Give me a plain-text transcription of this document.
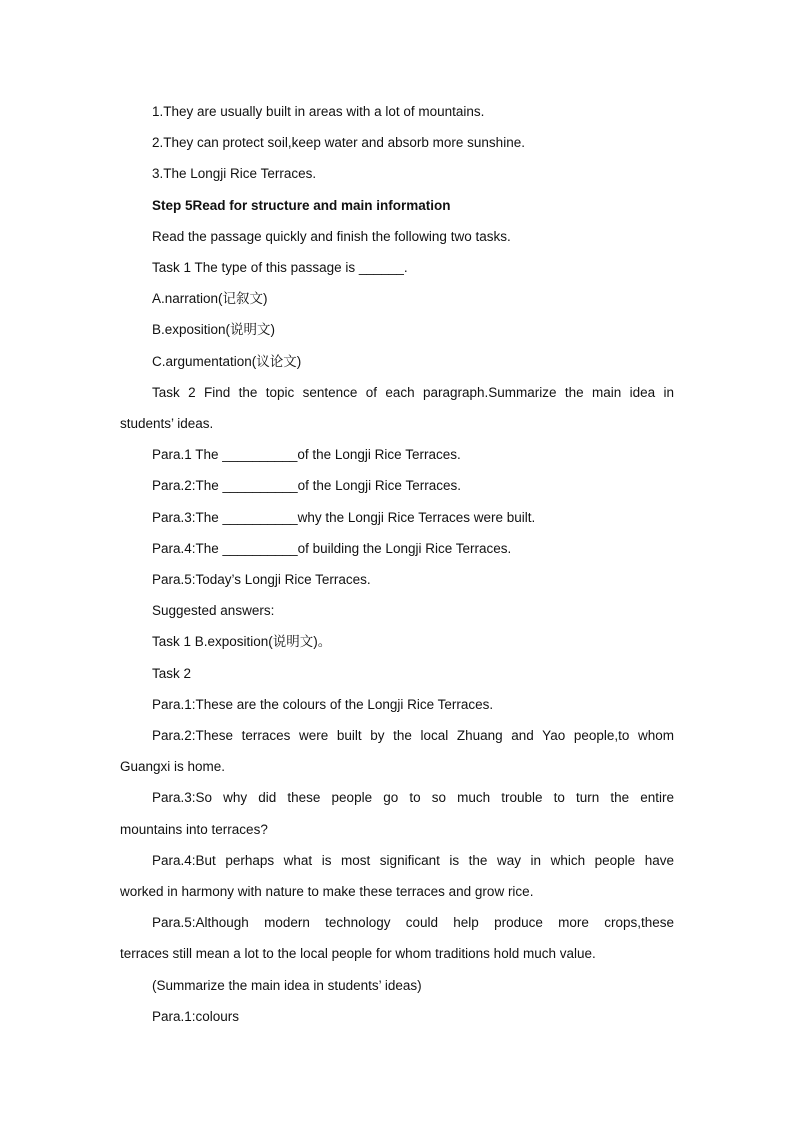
1.They are usually built in areas with a lot of mountains.

2.They can protect soil,keep water and absorb more sunshine.

3.The Longji Rice Terraces.

Step 5Read for structure and main information

Read the passage quickly and finish the following two tasks.

Task 1 The type of this passage is ______.

A.narration(记叙文)

B.exposition(说明文)

C.argumentation(议论文)

Task 2 Find the topic sentence of each paragraph.Summarize the main idea in

students’ ideas.

Para.1 The __________of the Longji Rice Terraces.

Para.2:The __________of the Longji Rice Terraces.

Para.3:The __________why the Longji Rice Terraces were built.

Para.4:The __________of building the Longji Rice Terraces.

Para.5:Today’s Longji Rice Terraces.

Suggested answers:

Task 1 B.exposition(说明文)。

Task 2

Para.1:These are the colours of the Longji Rice Terraces.

Para.2:These terraces were built by the local Zhuang and Yao people,to whom

Guangxi is home.

Para.3:So why did these people go to so much trouble to turn the entire

mountains into terraces?

Para.4:But perhaps what is most significant is the way in which people have

worked in harmony with nature to make these terraces and grow rice.

Para.5:Although modern technology could help produce more crops,these

terraces still mean a lot to the local people for whom traditions hold much value.

(Summarize the main idea in students’ ideas)

Para.1:colours
